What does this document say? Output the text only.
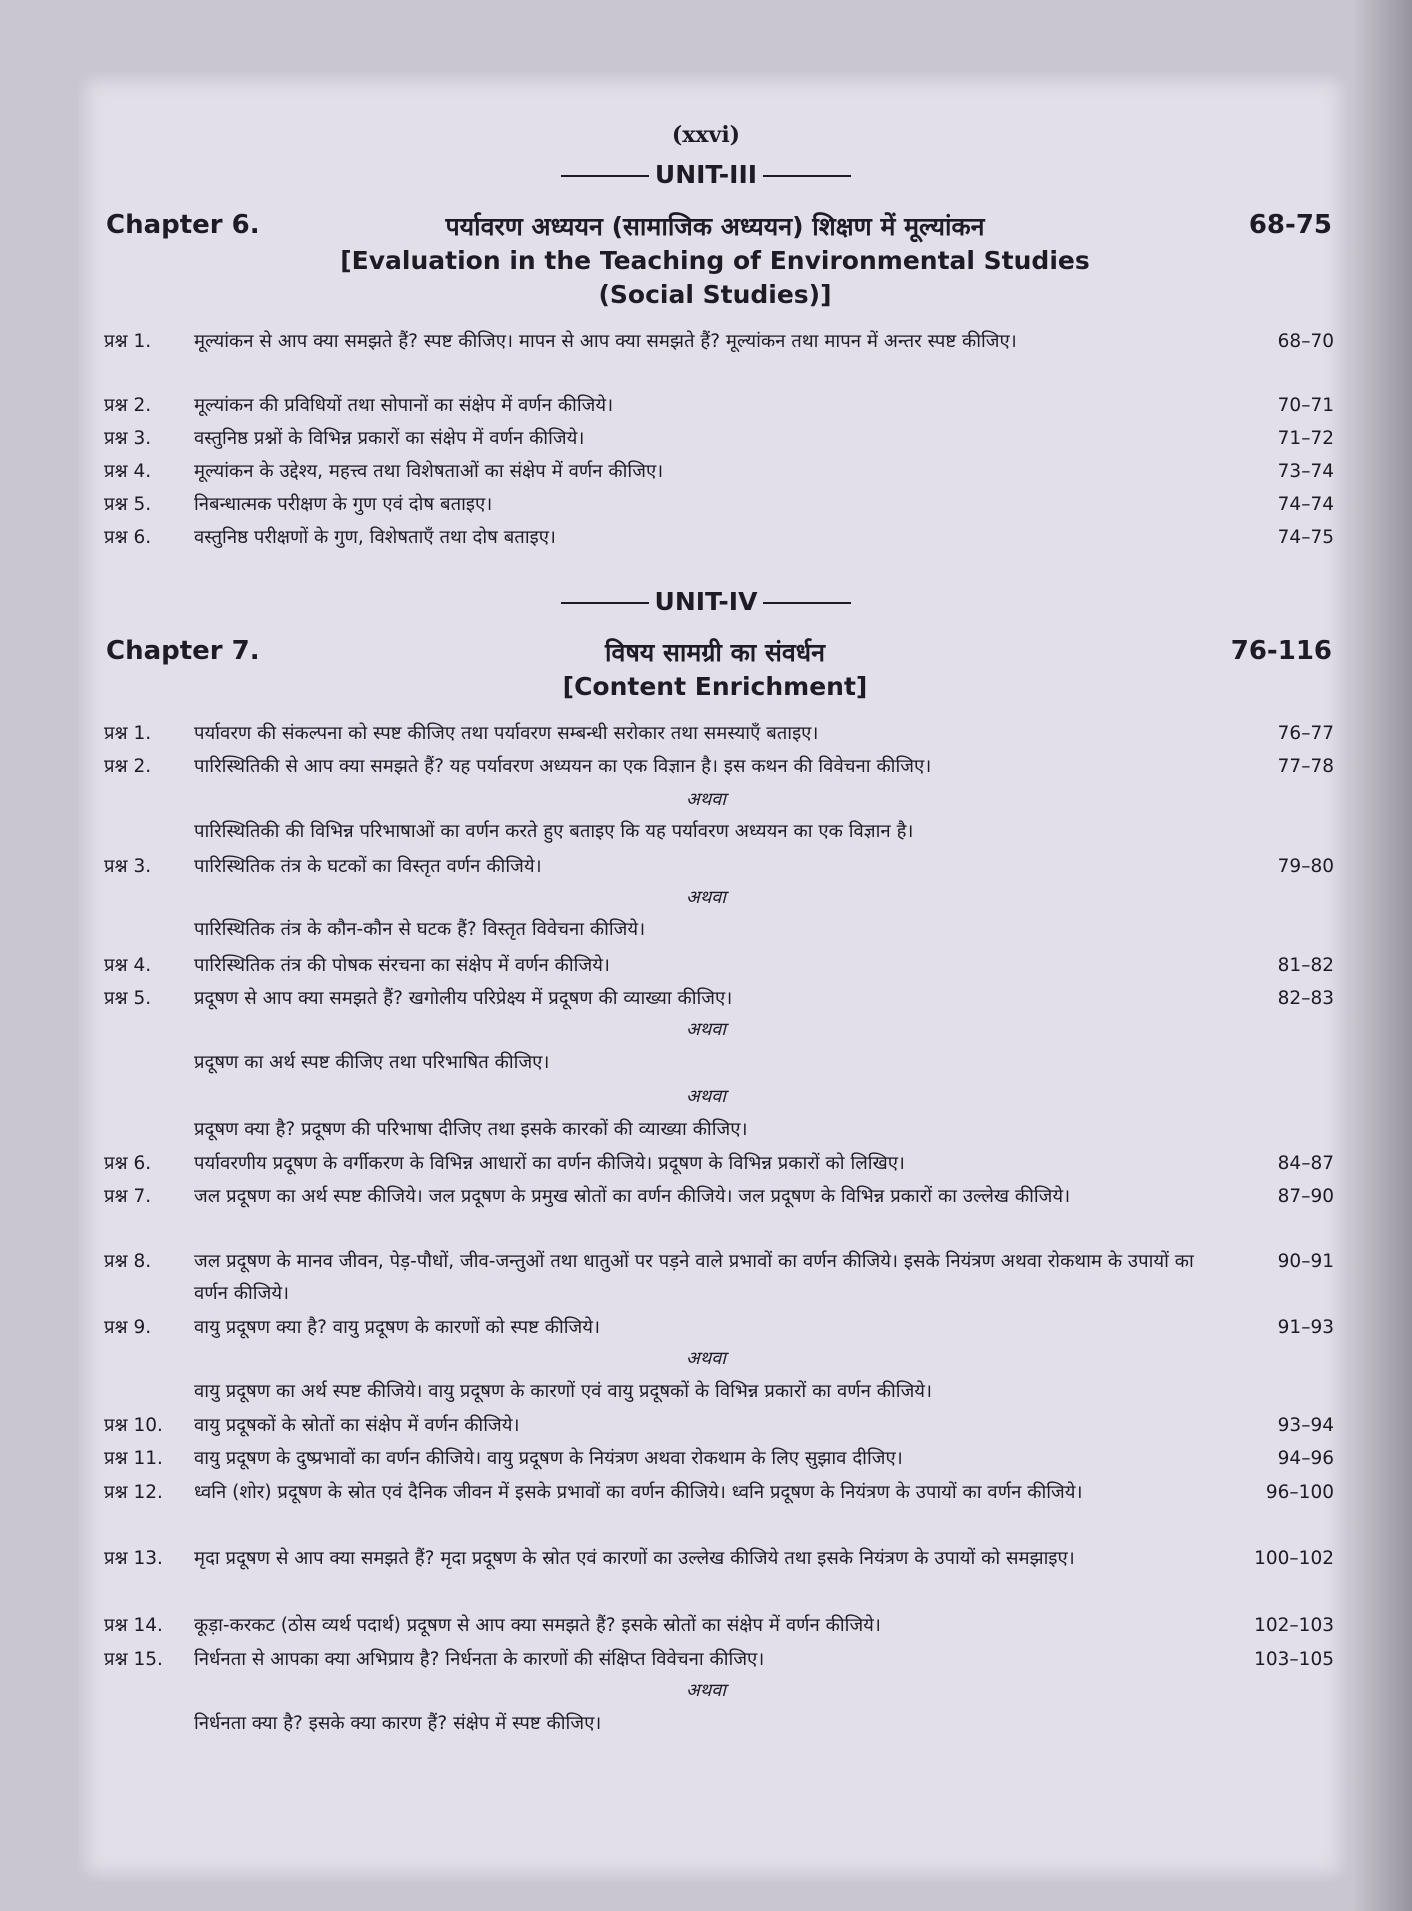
(xxvi)
UNIT-III
Chapter 6.	68-75
पर्यावरण अध्ययन (सामाजिक अध्ययन) शिक्षण में मूल्यांकन
[Evaluation in the Teaching of Environmental Studies
(Social Studies)]
प्रश्न 1.	मूल्यांकन से आप क्या समझते हैं? स्पष्ट कीजिए। मापन से आप क्या समझते हैं? मूल्यांकन तथा मापन में अन्तर स्पष्ट कीजिए।	68–70
प्रश्न 2.	मूल्यांकन की प्रविधियों तथा सोपानों का संक्षेप में वर्णन कीजिये।	70–71
प्रश्न 3.	वस्तुनिष्ठ प्रश्नों के विभिन्न प्रकारों का संक्षेप में वर्णन कीजिये।	71–72
प्रश्न 4.	मूल्यांकन के उद्देश्य, महत्त्व तथा विशेषताओं का संक्षेप में वर्णन कीजिए।	73–74
प्रश्न 5.	निबन्धात्मक परीक्षण के गुण एवं दोष बताइए।	74–74
प्रश्न 6.	वस्तुनिष्ठ परीक्षणों के गुण, विशेषताएँ तथा दोष बताइए।	74–75
UNIT-IV
Chapter 7.	76-116
विषय सामग्री का संवर्धन
[Content Enrichment]
प्रश्न 1.	पर्यावरण की संकल्पना को स्पष्ट कीजिए तथा पर्यावरण सम्बन्धी सरोकार तथा समस्याएँ बताइए।	76–77
प्रश्न 2.	पारिस्थितिकी से आप क्या समझते हैं? यह पर्यावरण अध्ययन का एक विज्ञान है। इस कथन की विवेचना कीजिए।	77–78
अथवा
पारिस्थितिकी की विभिन्न परिभाषाओं का वर्णन करते हुए बताइए कि यह पर्यावरण अध्ययन का एक विज्ञान है।
प्रश्न 3.	पारिस्थितिक तंत्र के घटकों का विस्तृत वर्णन कीजिये।	79–80
अथवा
पारिस्थितिक तंत्र के कौन-कौन से घटक हैं? विस्तृत विवेचना कीजिये।
प्रश्न 4.	पारिस्थितिक तंत्र की पोषक संरचना का संक्षेप में वर्णन कीजिये।	81–82
प्रश्न 5.	प्रदूषण से आप क्या समझते हैं? खगोलीय परिप्रेक्ष्य में प्रदूषण की व्याख्या कीजिए।	82–83
अथवा
प्रदूषण का अर्थ स्पष्ट कीजिए तथा परिभाषित कीजिए।
अथवा
प्रदूषण क्या है? प्रदूषण की परिभाषा दीजिए तथा इसके कारकों की व्याख्या कीजिए।
प्रश्न 6.	पर्यावरणीय प्रदूषण के वर्गीकरण के विभिन्न आधारों का वर्णन कीजिये। प्रदूषण के विभिन्न प्रकारों को लिखिए।	84–87
प्रश्न 7.	जल प्रदूषण का अर्थ स्पष्ट कीजिये। जल प्रदूषण के प्रमुख स्रोतों का वर्णन कीजिये। जल प्रदूषण के विभिन्न प्रकारों का उल्लेख कीजिये।	87–90
प्रश्न 8.	जल प्रदूषण के मानव जीवन, पेड़-पौधों, जीव-जन्तुओं तथा धातुओं पर पड़ने वाले प्रभावों का वर्णन कीजिये। इसके नियंत्रण अथवा रोकथाम के उपायों का वर्णन कीजिये।
90–91
प्रश्न 9.	वायु प्रदूषण क्या है? वायु प्रदूषण के कारणों को स्पष्ट कीजिये।	91–93
अथवा
वायु प्रदूषण का अर्थ स्पष्ट कीजिये। वायु प्रदूषण के कारणों एवं वायु प्रदूषकों के विभिन्न प्रकारों का वर्णन कीजिये।
प्रश्न 10.	वायु प्रदूषकों के स्रोतों का संक्षेप में वर्णन कीजिये।	93–94
प्रश्न 11.	वायु प्रदूषण के दुष्प्रभावों का वर्णन कीजिये। वायु प्रदूषण के नियंत्रण अथवा रोकथाम के लिए सुझाव दीजिए।	94–96
प्रश्न 12.	ध्वनि (शोर) प्रदूषण के स्रोत एवं दैनिक जीवन में इसके प्रभावों का वर्णन कीजिये। ध्वनि प्रदूषण के नियंत्रण के उपायों का वर्णन कीजिये।	96–100
प्रश्न 13.	मृदा प्रदूषण से आप क्या समझते हैं? मृदा प्रदूषण के स्रोत एवं कारणों का उल्लेख कीजिये तथा इसके नियंत्रण के उपायों को समझाइए।	100–102
प्रश्न 14.	कूड़ा-करकट (ठोस व्यर्थ पदार्थ) प्रदूषण से आप क्या समझते हैं? इसके स्रोतों का संक्षेप में वर्णन कीजिये।	102–103
प्रश्न 15.	निर्धनता से आपका क्या अभिप्राय है? निर्धनता के कारणों की संक्षिप्त विवेचना कीजिए।	103–105
अथवा
निर्धनता क्या है? इसके क्या कारण हैं? संक्षेप में स्पष्ट कीजिए।
